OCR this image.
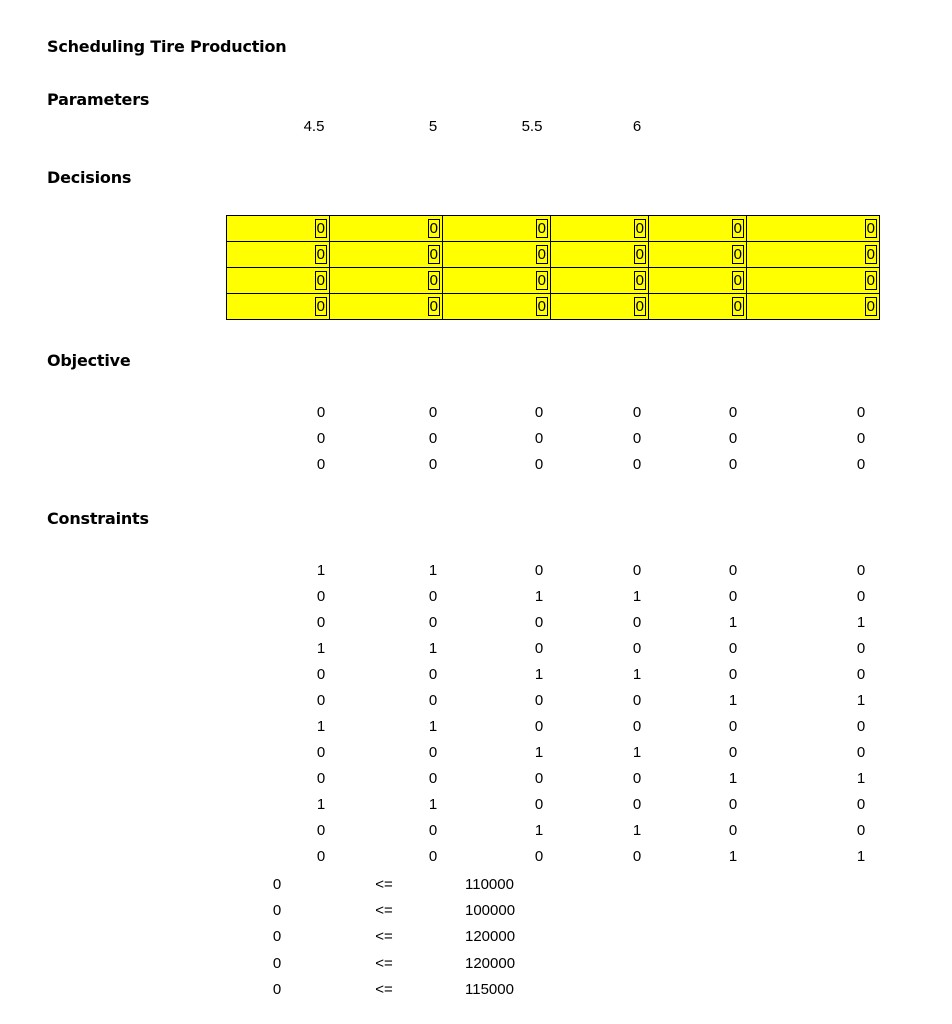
Scheduling Tire Production
Parameters
4.5	5	5.5	6
Decisions
0	0	0	0	0	0
0	0	0	0	0	0
0	0	0	0	0	0
0	0	0	0	0	0
Objective
0	0	0	0	0	0
0	0	0	0	0	0
0	0	0	0	0	0
Constraints
1	1	0	0	0	0
0	0	1	1	0	0
0	0	0	0	1	1
1	1	0	0	0	0
0	0	1	1	0	0
0	0	0	0	1	1
1	1	0	0	0	0
0	0	1	1	0	0
0	0	0	0	1	1
1	1	0	0	0	0
0	0	1	1	0	0
0	0	0	0	1	1
0	<=	110000
0	<=	100000
0	<=	120000
0	<=	120000
0	<=	115000
